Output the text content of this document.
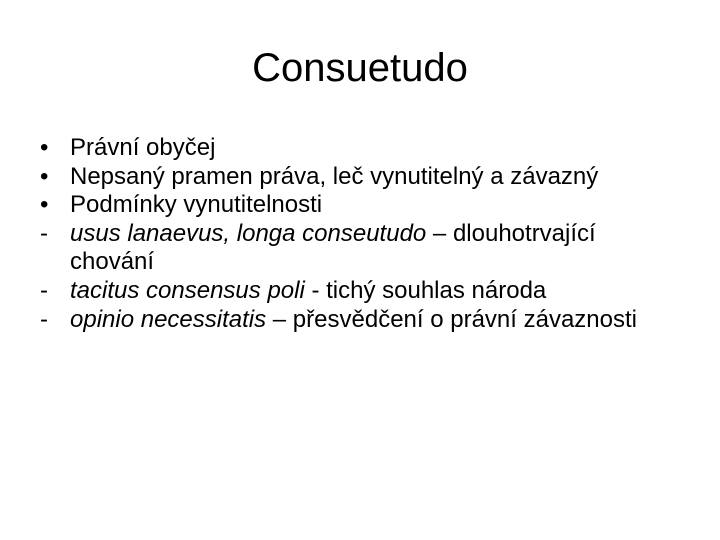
Consuetudo
• Právní obyčej
• Nepsaný pramen práva, leč vynutitelný a závazný
• Podmínky vynutitelnosti
- usus lanaevus, longa conseutudo – dlouhotrvající chování
- tacitus consensus poli - tichý souhlas národa
- opinio necessitatis – přesvědčení o právní závaznosti
